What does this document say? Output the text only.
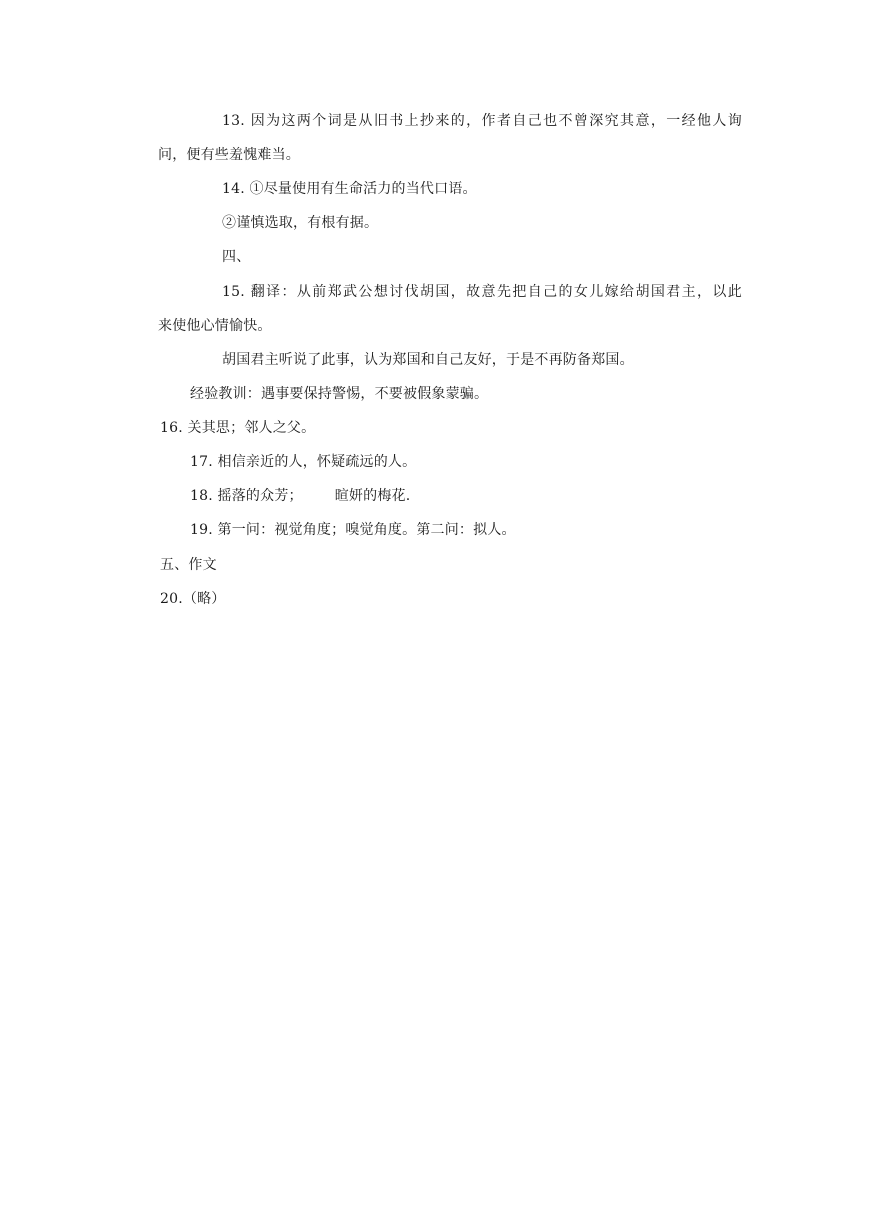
13. 因为这两个词是从旧书上抄来的，作者自己也不曾深究其意，一经他人询
问，便有些羞愧难当。
14. ①尽量使用有生命活力的当代口语。
②谨慎选取，有根有据。
四、
15. 翻译：从前郑武公想讨伐胡国，故意先把自己的女儿嫁给胡国君主，以此
来使他心情愉快。
胡国君主听说了此事，认为郑国和自己友好，于是不再防备郑国。
经验教训：遇事要保持警惕，不要被假象蒙骗。
16. 关其思；邻人之父。
17. 相信亲近的人，怀疑疏远的人。
18. 摇落的众芳； 暄妍的梅花.
19. 第一问：视觉角度；嗅觉角度。第二问：拟人。
五、作文
20.（略）
